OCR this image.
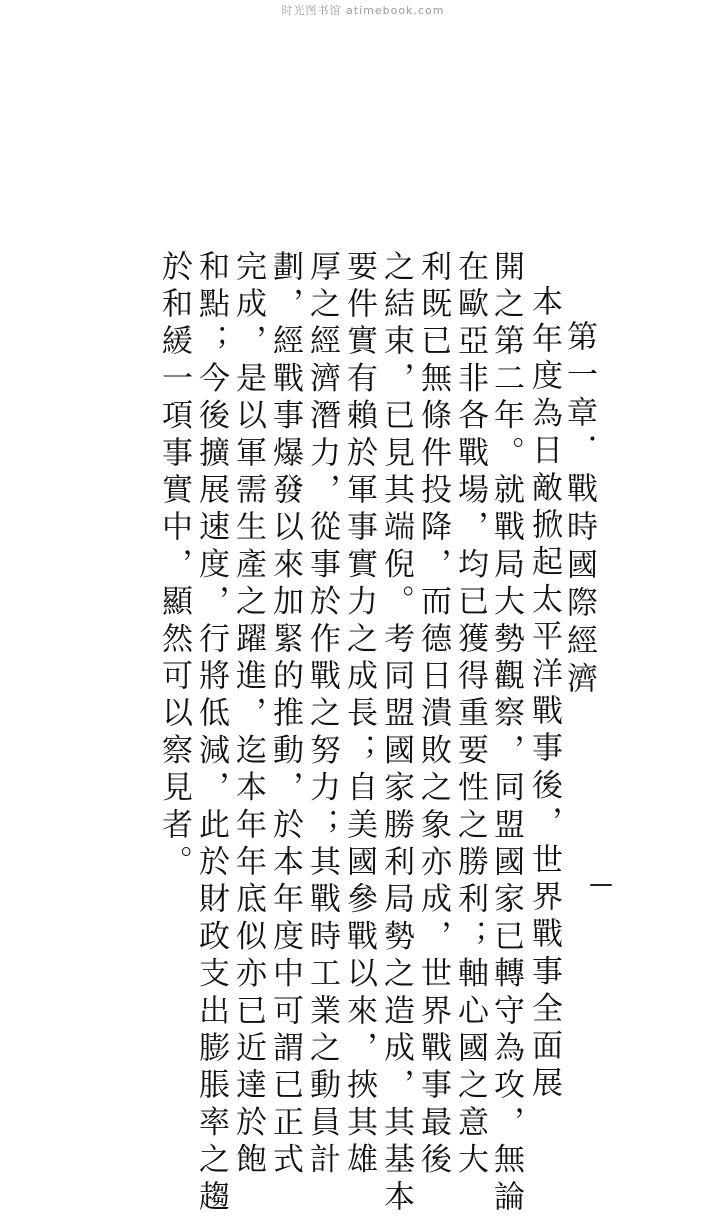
时光图书馆 atimebook.com
第一章．戰時國際經濟
本年度為日敵掀起太平洋戰事後，世界戰事全面展
開之第二年。就戰局大勢觀察，同盟國家已轉守為攻，無論
在歐亞非各戰場，均已獲得重要性之勝利；軸心國之意大
利既已無條件投降，而德日潰敗之象亦成，世界戰事最後
之結束，已見其端倪。考同盟國家勝利局勢之造成，其基本
要件實有賴於軍事實力之成長；自美國參戰以來，挾其雄
厚之經濟潛力，從事於作戰之努力；其戰時工業之動員計
劃，經戰事爆發以來加緊的推動，於本年度中可謂已正式
完成，是以軍需生產之躍進，迄本年年底似亦已近達於飽
和點；今後擴展速度，行將低減，此於財政支出膨脹率之趨
於和緩一項事實中，顯然可以察見者。
